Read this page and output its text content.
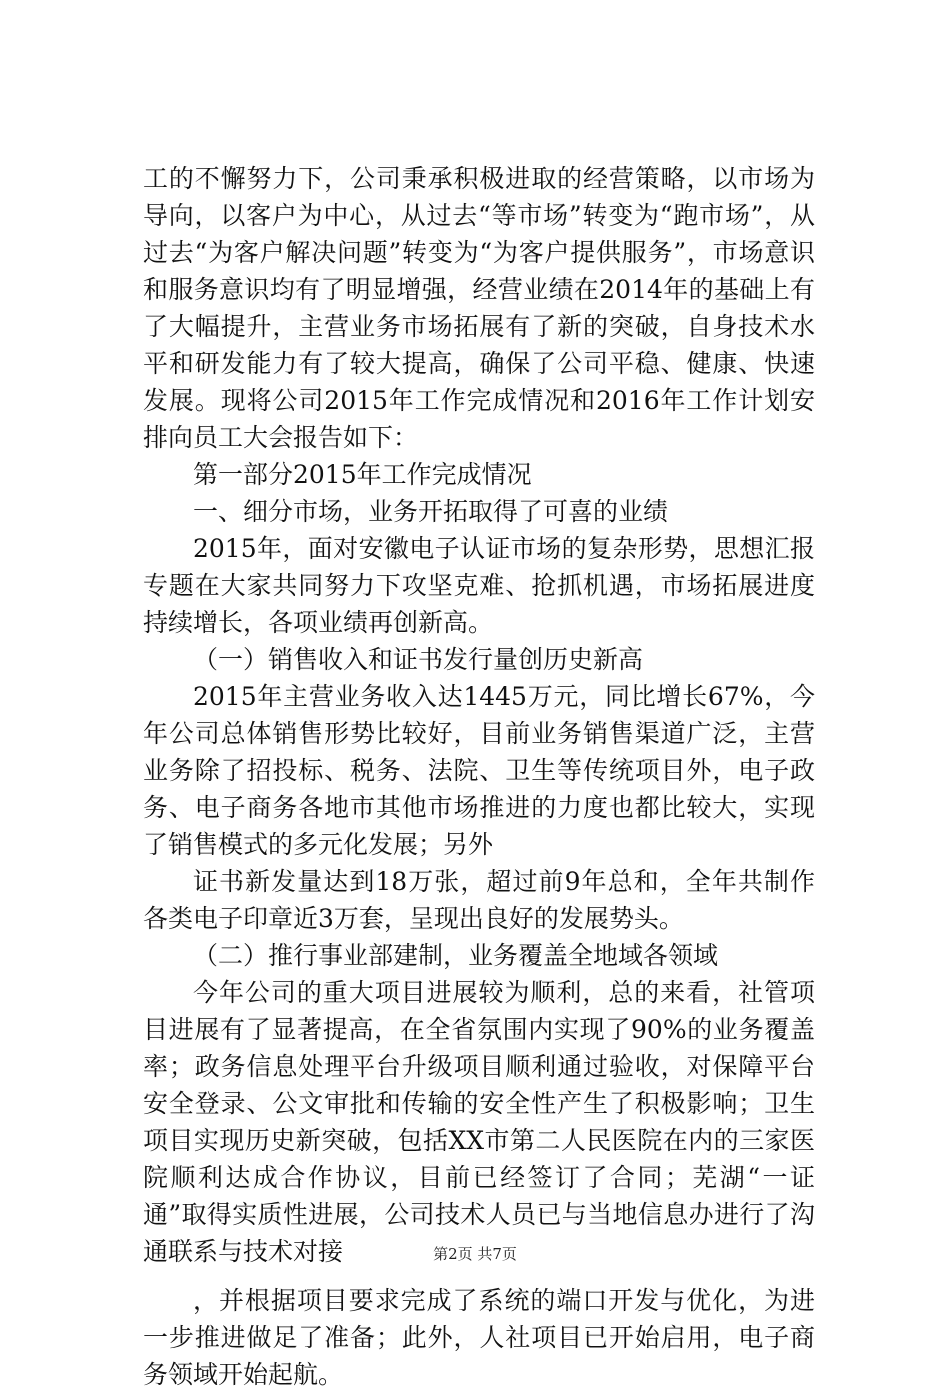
工的不懈努力下，公司秉承积极进取的经营策略，以市场为导向，以客户为中心，从过去“等市场”转变为“跑市场”，从过去“为客户解决问题”转变为“为客户提供服务”，市场意识和服务意识均有了明显增强，经营业绩在2014年的基础上有了大幅提升，主营业务市场拓展有了新的突破，自身技术水平和研发能力有了较大提高，确保了公司平稳、健康、快速发展。现将公司2015年工作完成情况和2016年工作计划安排向员工大会报告如下：

第一部分2015年工作完成情况

一、细分市场，业务开拓取得了可喜的业绩

2015年，面对安徽电子认证市场的复杂形势，思想汇报专题在大家共同努力下攻坚克难、抢抓机遇，市场拓展进度持续增长，各项业绩再创新高。

（一）销售收入和证书发行量创历史新高

2015年主营业务收入达1445万元，同比增长67%，今年公司总体销售形势比较好，目前业务销售渠道广泛，主营业务除了招投标、税务、法院、卫生等传统项目外，电子政务、电子商务各地市其他市场推进的力度也都比较大，实现了销售模式的多元化发展；另外

证书新发量达到18万张，超过前9年总和，全年共制作各类电子印章近3万套，呈现出良好的发展势头。

（二）推行事业部建制，业务覆盖全地域各领域

今年公司的重大项目进展较为顺利，总的来看，社管项目进展有了显著提高，在全省氛围内实现了90%的业务覆盖率；政务信息处理平台升级项目顺利通过验收，对保障平台安全登录、公文审批和传输的安全性产生了积极影响；卫生项目实现历史新突破，包括XX市第二人民医院在内的三家医院顺利达成合作协议，目前已经签订了合同；芜湖“一证通”取得实质性进展，公司技术人员已与当地信息办进行了沟通联系与技术对接

，并根据项目要求完成了系统的端口开发与优化，为进一步推进做足了准备；此外，人社项目已开始启用，电子商务领域开始起航。

第2页 共7页
